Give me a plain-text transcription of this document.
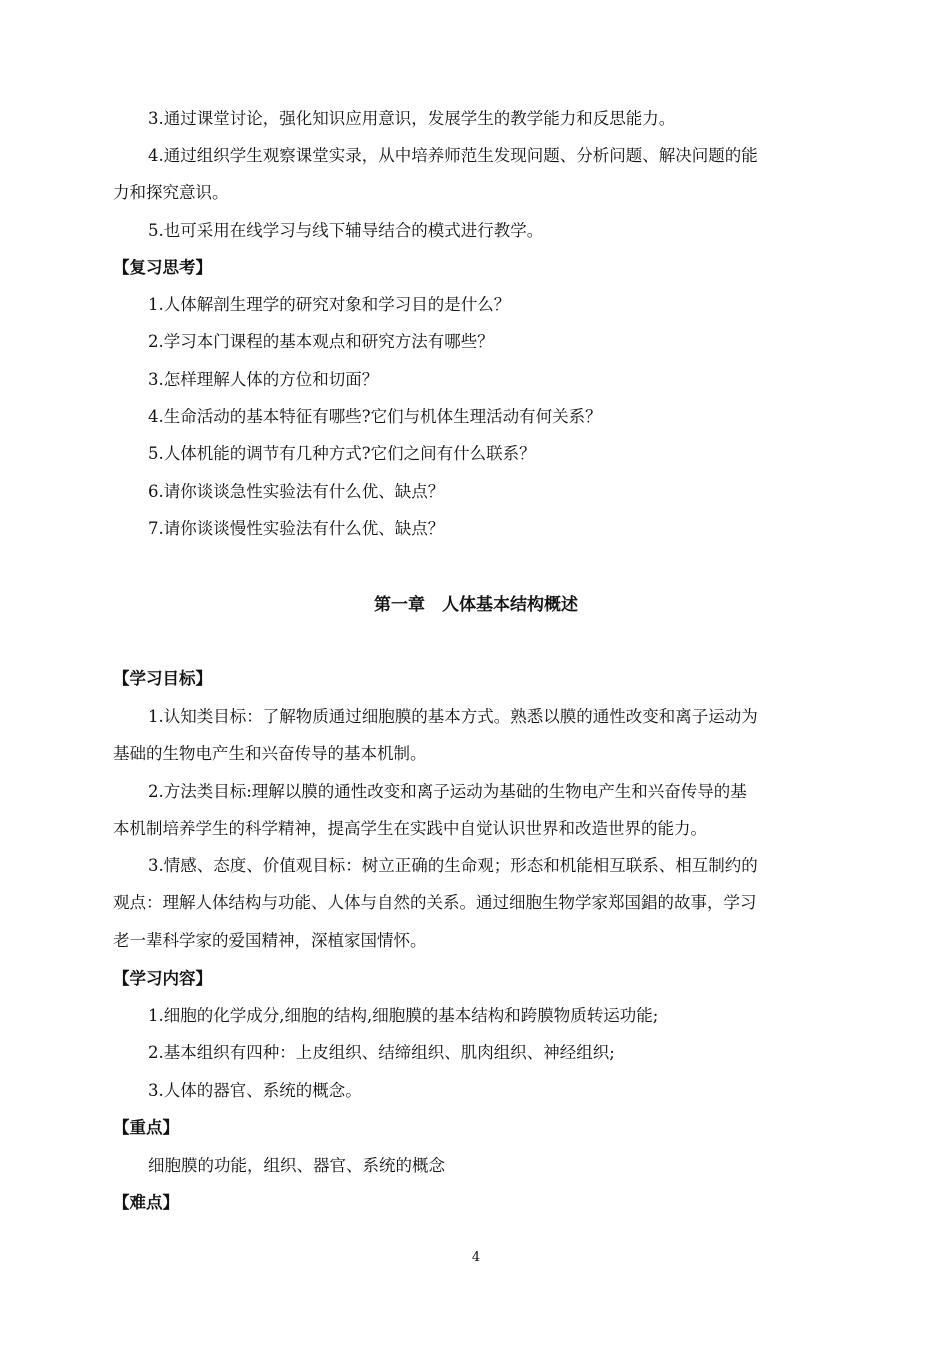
3.通过课堂讨论，强化知识应用意识，发展学生的教学能力和反思能力。
4.通过组织学生观察课堂实录，从中培养师范生发现问题、分析问题、解决问题的能
力和探究意识。
5.也可采用在线学习与线下辅导结合的模式进行教学。
【复习思考】
1.人体解剖生理学的研究对象和学习目的是什么？
2.学习本门课程的基本观点和研究方法有哪些？
3.怎样理解人体的方位和切面？
4.生命活动的基本特征有哪些?它们与机体生理活动有何关系？
5.人体机能的调节有几种方式?它们之间有什么联系？
6.请你谈谈急性实验法有什么优、缺点？
7.请你谈谈慢性实验法有什么优、缺点？
第一章　人体基本结构概述
【学习目标】
1.认知类目标：了解物质通过细胞膜的基本方式。熟悉以膜的通性改变和离子运动为
基础的生物电产生和兴奋传导的基本机制。
2.方法类目标:理解以膜的通性改变和离子运动为基础的生物电产生和兴奋传导的基
本机制培养学生的科学精神，提高学生在实践中自觉认识世界和改造世界的能力。
3.情感、态度、价值观目标：树立正确的生命观；形态和机能相互联系、相互制约的
观点：理解人体结构与功能、人体与自然的关系。通过细胞生物学家郑国錩的故事，学习
老一辈科学家的爱国精神，深植家国情怀。
【学习内容】
1.细胞的化学成分,细胞的结构,细胞膜的基本结构和跨膜物质转运功能;
2.基本组织有四种：上皮组织、结缔组织、肌肉组织、神经组织;
3.人体的器官、系统的概念。
【重点】
细胞膜的功能，组织、器官、系统的概念
【难点】
4
